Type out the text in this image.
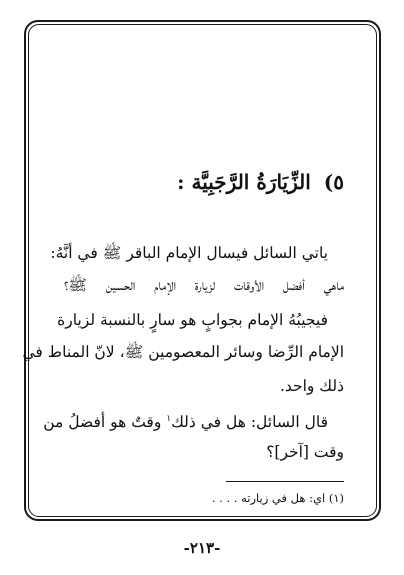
٥) الزِّيَارَةُ الرَّجَبِيَّة :

ياتي السائل فيسال الإمام الباقر ﷺ في أنَّهُ:

ماهي أفضل الأوقات لزيارة الإمام الحسين ﷺ؟

فيجيبُهُ الإمام بجوابٍ هو سارٍ بالنسبة لزيارة

الإمام الرِّضا وسائر المعصومين ﷺ، لانّ المناط في

ذلك واحد.

قال السائل: هل في ذلك$^١$ وقتٌ هو أفضلُ من

وقت [آخر]؟

(١) اي: هل في زيارته . . . .

-٢١٣-
